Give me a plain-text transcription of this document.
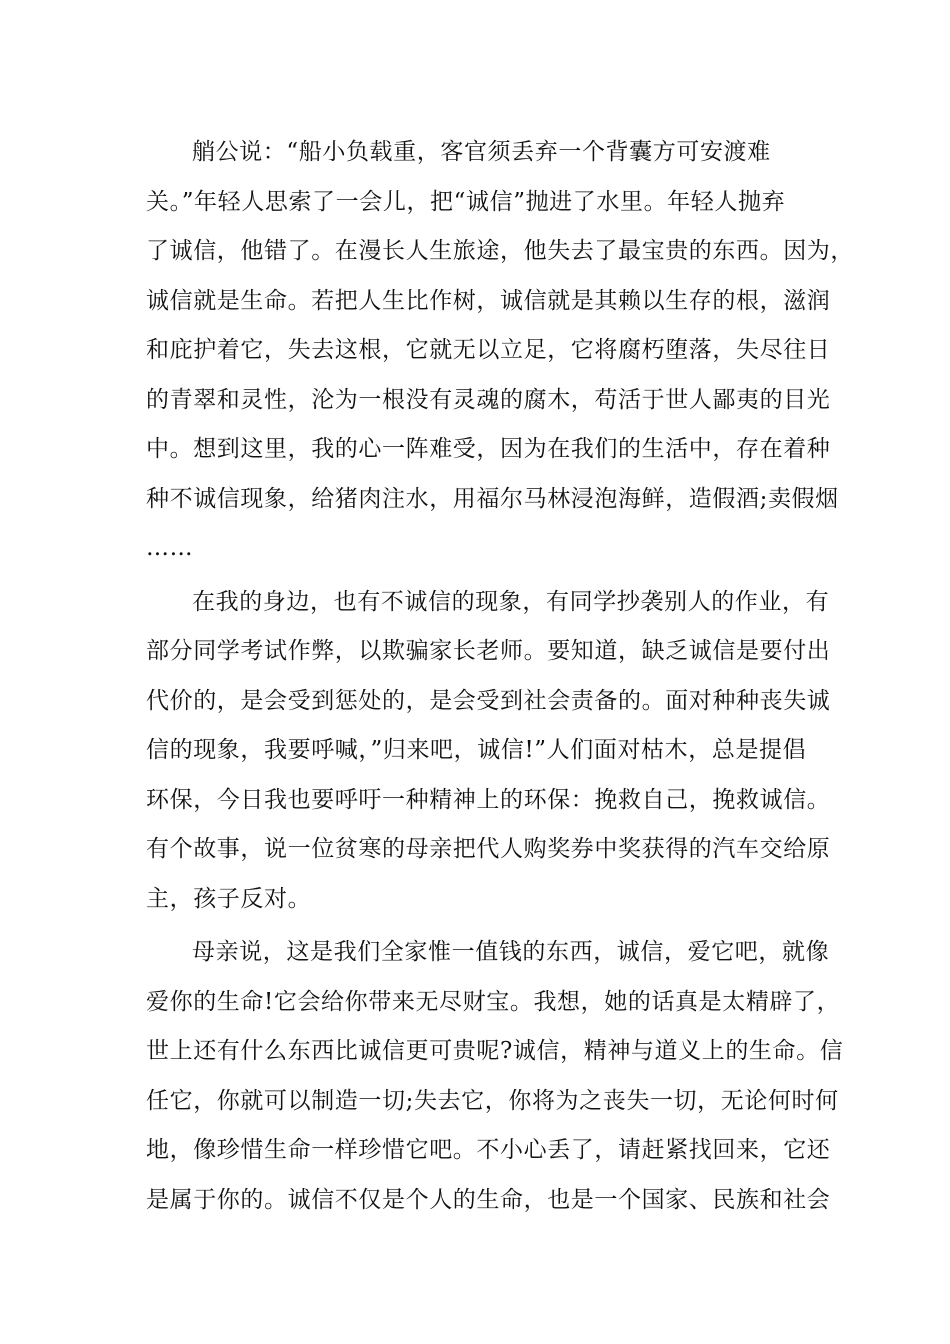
艄公说：“船小负载重，客官须丢弃一个背囊方可安渡难
关。”年轻人思索了一会儿，把“诚信”抛进了水里。年轻人抛弃
了诚信，他错了。在漫长人生旅途，他失去了最宝贵的东西。因为，
诚信就是生命。若把人生比作树，诚信就是其赖以生存的根，滋润
和庇护着它，失去这根，它就无以立足，它将腐朽堕落，失尽往日
的青翠和灵性，沦为一根没有灵魂的腐木，苟活于世人鄙夷的目光
中。想到这里，我的心一阵难受，因为在我们的生活中，存在着种
种不诚信现象，给猪肉注水，用福尔马林浸泡海鲜，造假酒;卖假烟
……
在我的身边，也有不诚信的现象，有同学抄袭别人的作业，有
部分同学考试作弊，以欺骗家长老师。要知道，缺乏诚信是要付出
代价的，是会受到惩处的，是会受到社会责备的。面对种种丧失诚
信的现象，我要呼喊，”归来吧，诚信!”人们面对枯木，总是提倡
环保，今日我也要呼吁一种精神上的环保：挽救自己，挽救诚信。
有个故事，说一位贫寒的母亲把代人购奖券中奖获得的汽车交给原
主，孩子反对。
母亲说，这是我们全家惟一值钱的东西，诚信，爱它吧，就像
爱你的生命!它会给你带来无尽财宝。我想，她的话真是太精辟了，
世上还有什么东西比诚信更可贵呢?诚信，精神与道义上的生命。信
任它，你就可以制造一切;失去它，你将为之丧失一切，无论何时何
地，像珍惜生命一样珍惜它吧。不小心丢了，请赶紧找回来，它还
是属于你的。诚信不仅是个人的生命，也是一个国家、民族和社会
